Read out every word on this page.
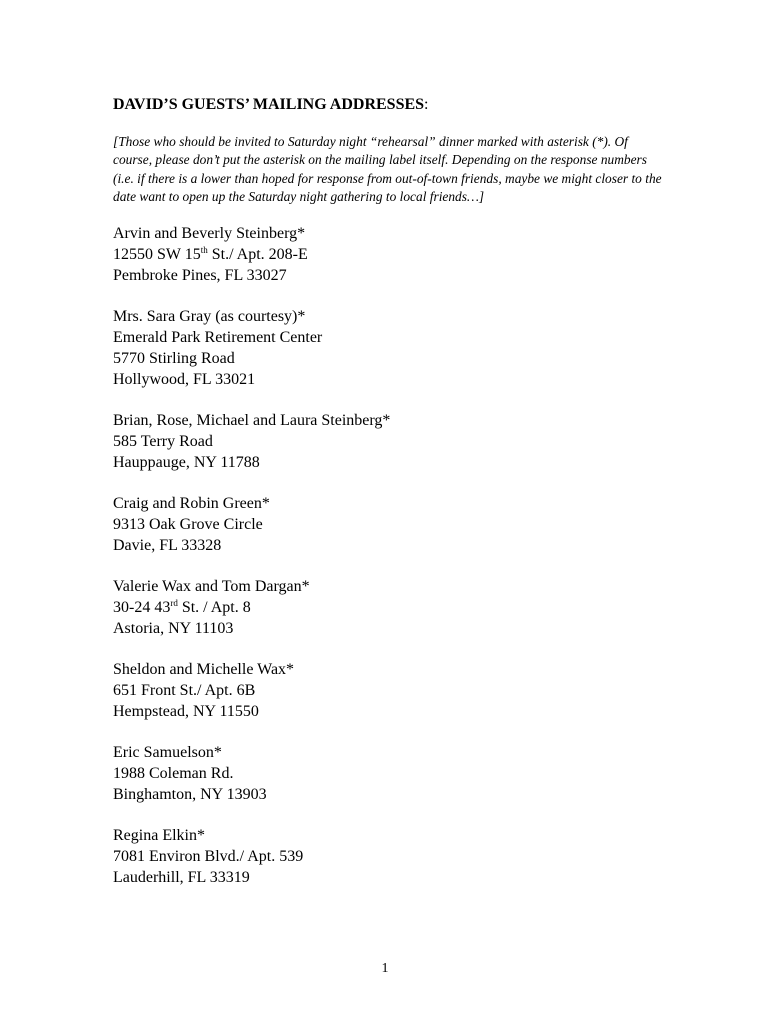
DAVID’S GUESTS’ MAILING ADDRESSES:

[Those who should be invited to Saturday night “rehearsal” dinner marked with asterisk (*). Of course, please don’t put the asterisk on the mailing label itself. Depending on the response numbers (i.e. if there is a lower than hoped for response from out-of-town friends, maybe we might closer to the date want to open up the Saturday night gathering to local friends…]

Arvin and Beverly Steinberg*
12550 SW 15th St./ Apt. 208-E
Pembroke Pines, FL 33027
Mrs. Sara Gray (as courtesy)*
Emerald Park Retirement Center
5770 Stirling Road
Hollywood, FL 33021
Brian, Rose, Michael and Laura Steinberg*
585 Terry Road
Hauppauge, NY 11788
Craig and Robin Green*
9313 Oak Grove Circle
Davie, FL 33328
Valerie Wax and Tom Dargan*
30-24 43rd St. / Apt. 8
Astoria, NY 11103
Sheldon and Michelle Wax*
651 Front St./ Apt. 6B
Hempstead, NY 11550
Eric Samuelson*
1988 Coleman Rd.
Binghamton, NY 13903
Regina Elkin*
7081 Environ Blvd./ Apt. 539
Lauderhill, FL 33319
1
